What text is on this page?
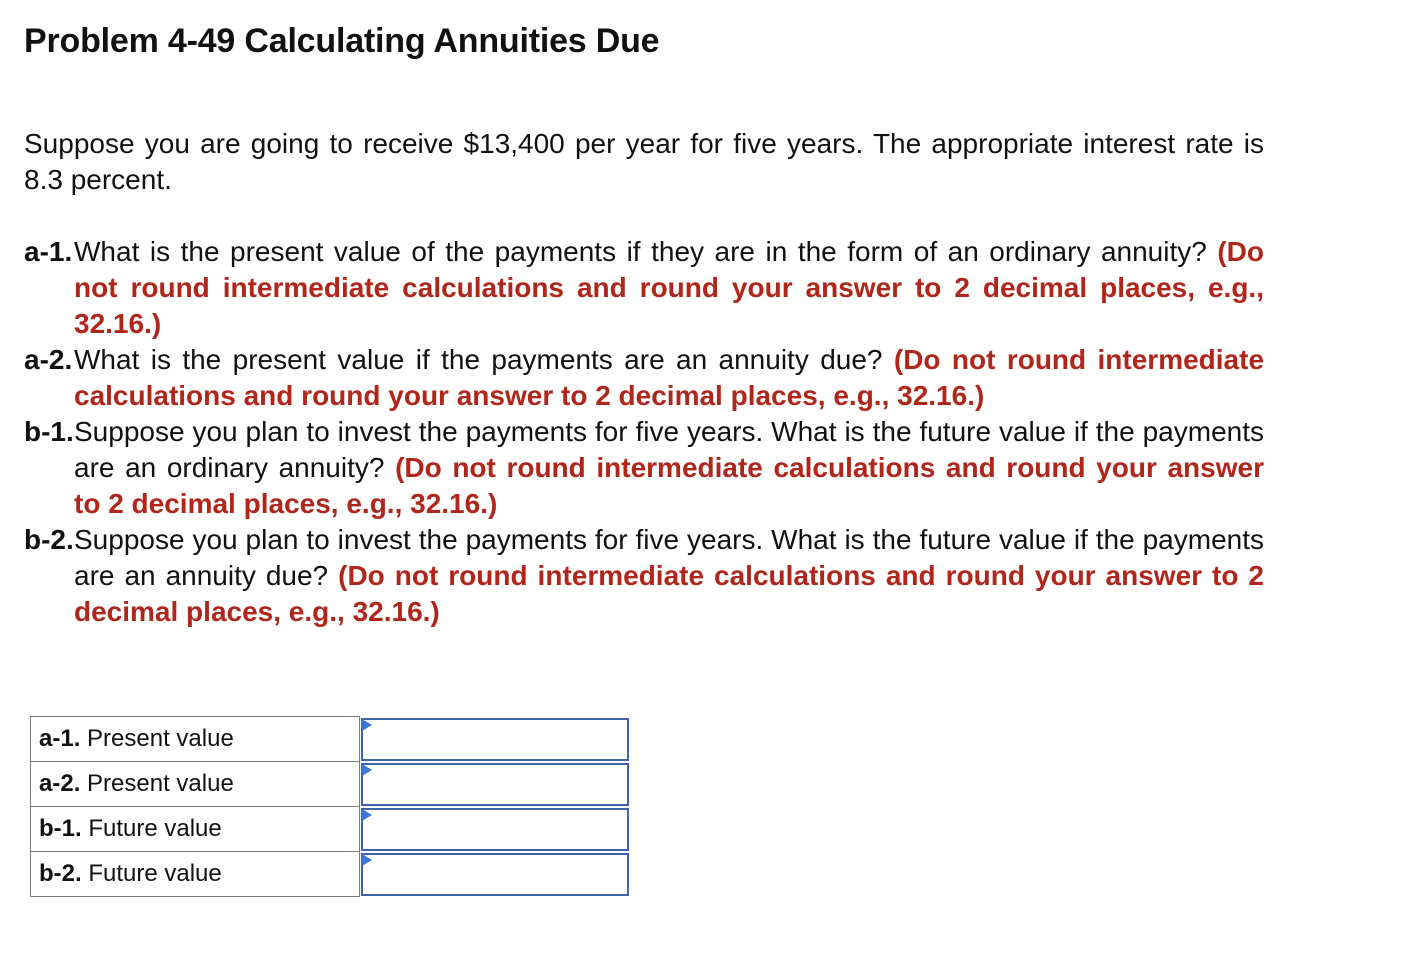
Problem 4-49 Calculating Annuities Due
Suppose you are going to receive $13,400 per year for five years. The appropriate interest rate is 8.3 percent.
a-1. What is the present value of the payments if they are in the form of an ordinary annuity? (Do not round intermediate calculations and round your answer to 2 decimal places, e.g., 32.16.)
a-2. What is the present value if the payments are an annuity due? (Do not round intermediate calculations and round your answer to 2 decimal places, e.g., 32.16.)
b-1. Suppose you plan to invest the payments for five years. What is the future value if the payments are an ordinary annuity? (Do not round intermediate calculations and round your answer to 2 decimal places, e.g., 32.16.)
b-2. Suppose you plan to invest the payments for five years. What is the future value if the payments are an annuity due? (Do not round intermediate calculations and round your answer to 2 decimal places, e.g., 32.16.)
a-1. Present value	

a-2. Present value	

b-1. Future value	

b-2. Future value	
